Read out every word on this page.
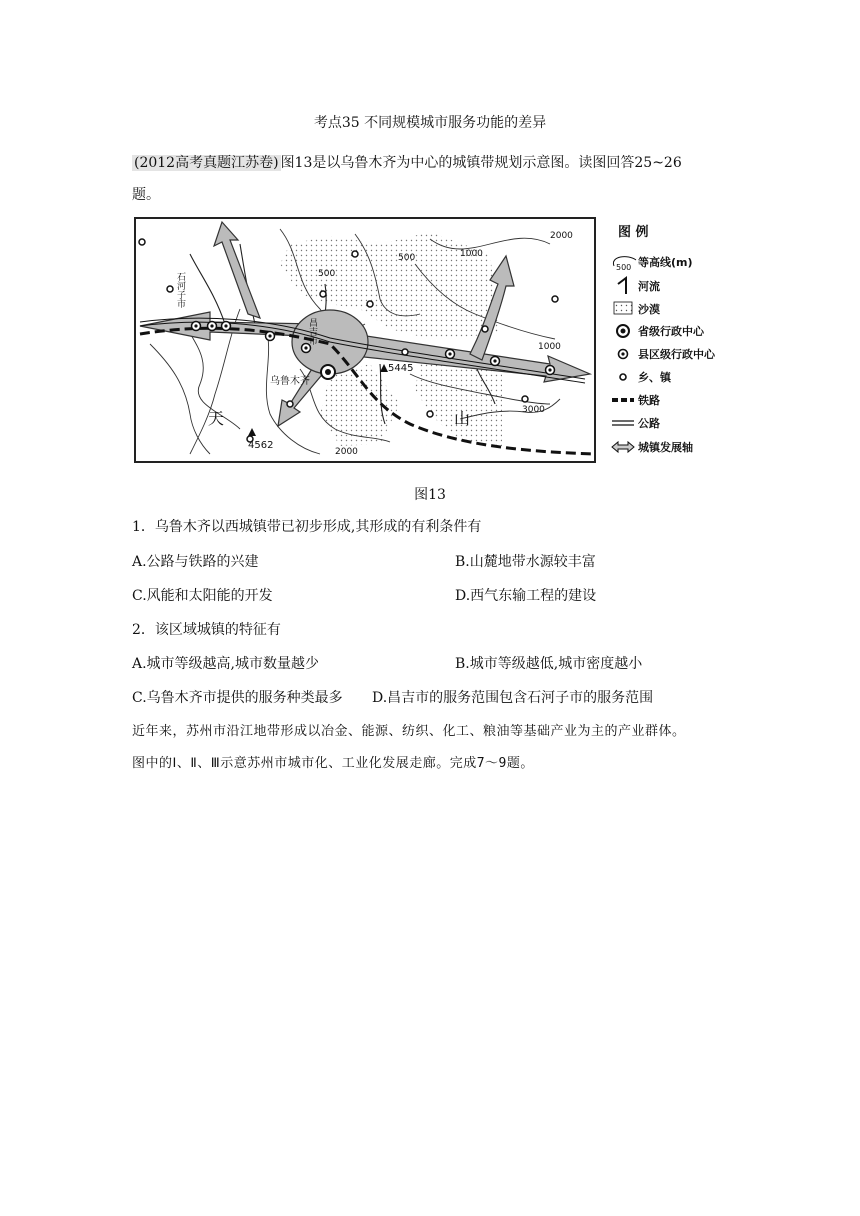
考点35 不同规模城市服务功能的差异
(2012高考真题江苏卷) 图13是以乌鲁木齐为中心的城镇带规划示意图。读图回答25~26
题。
石河子市
昌吉市
乌鲁木齐
天	山
5445
4562
500
500	1000
1000
2000
2000
3000
图 例
500 等高线(m)
河流
沙漠
省级行政中心
县区级行政中心
乡、镇
铁路
公路
城镇发展轴
图13
1．乌鲁木齐以西城镇带已初步形成,其形成的有利条件有
A.公路与铁路的兴建	B.山麓地带水源较丰富
C.风能和太阳能的开发	D.西气东输工程的建设
2．该区域城镇的特征有
A.城市等级越高,城市数量越少	B.城市等级越低,城市密度越小
C.乌鲁木齐市提供的服务种类最多 D.昌吉市的服务范围包含石河子市的服务范围
近年来，苏州市沿江地带形成以冶金、能源、纺织、化工、粮油等基础产业为主的产业群体。
图中的Ⅰ、Ⅱ、Ⅲ示意苏州市城市化、工业化发展走廊。完成7～9题。
